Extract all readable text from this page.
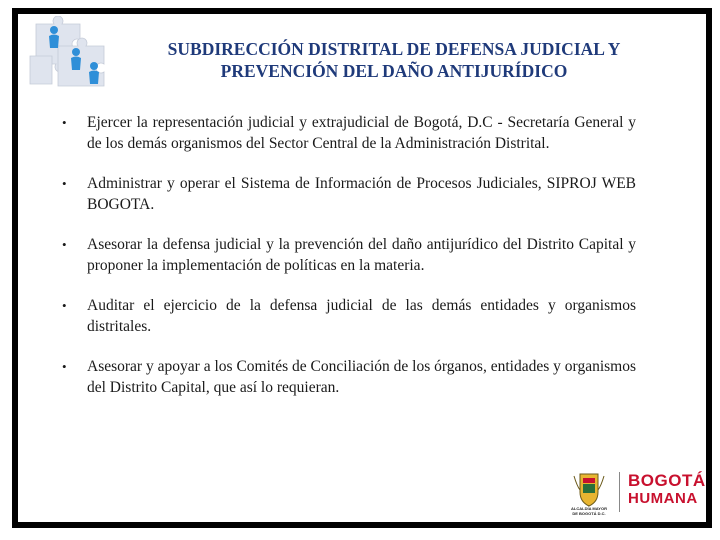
SUBDIRECCIÓN DISTRITAL DE DEFENSA JUDICIAL Y
PREVENCIÓN DEL DAÑO ANTIJURÍDICO
• Ejercer la representación judicial y extrajudicial de Bogotá, D.C - Secretaría General y de los demás organismos del Sector Central de la Administración Distrital.
• Administrar y operar el Sistema de Información de Procesos Judiciales, SIPROJ WEB BOGOTA.
• Asesorar la defensa judicial y la prevención del daño antijurídico del Distrito Capital y proponer la implementación de políticas en la materia.
• Auditar el ejercicio de la defensa judicial de las demás entidades y organismos distritales.
• Asesorar y apoyar a los Comités de Conciliación de los órganos, entidades y organismos del Distrito Capital, que así lo requieran.
ALCALDÍA MAYOR
DE BOGOTÁ D.C.
BOGOTÁ
HUMANA
